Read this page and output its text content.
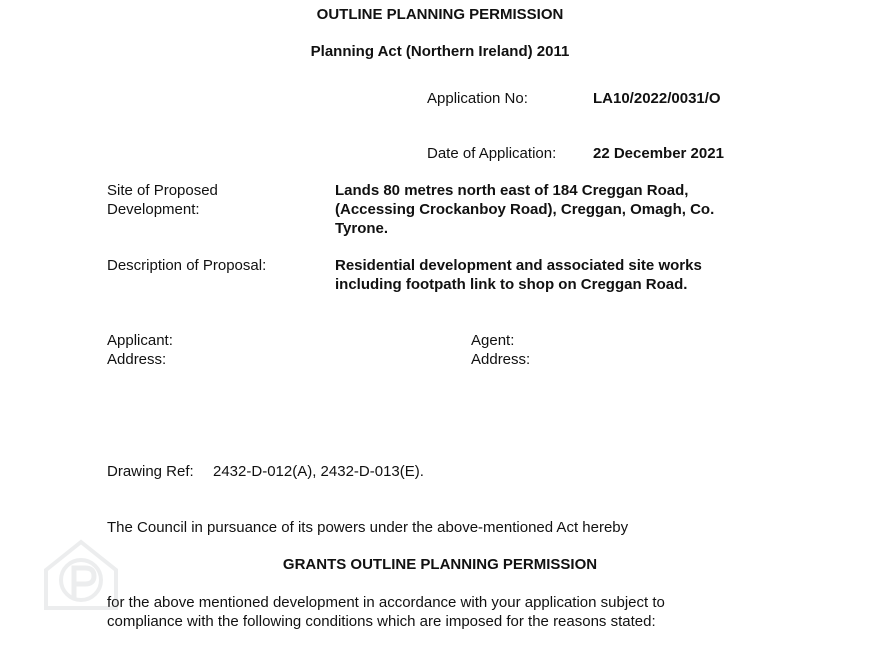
OUTLINE PLANNING PERMISSION
Planning Act (Northern Ireland) 2011
Application No:	LA10/2022/0031/O
Date of Application: 22 December 2021
Site of Proposed
Development:
Lands 80 metres north east of 184 Creggan Road, (Accessing Crockanboy Road), Creggan, Omagh, Co. Tyrone.
Description of Proposal:	Residential development and associated site works including footpath link to shop on Creggan Road.
Applicant:
Address:
Agent:
Address:
Drawing Ref: 2432-D-012(A), 2432-D-013(E).
The Council in pursuance of its powers under the above-mentioned Act hereby
GRANTS OUTLINE PLANNING PERMISSION
for the above mentioned development in accordance with your application subject to
compliance with the following conditions which are imposed for the reasons stated:
